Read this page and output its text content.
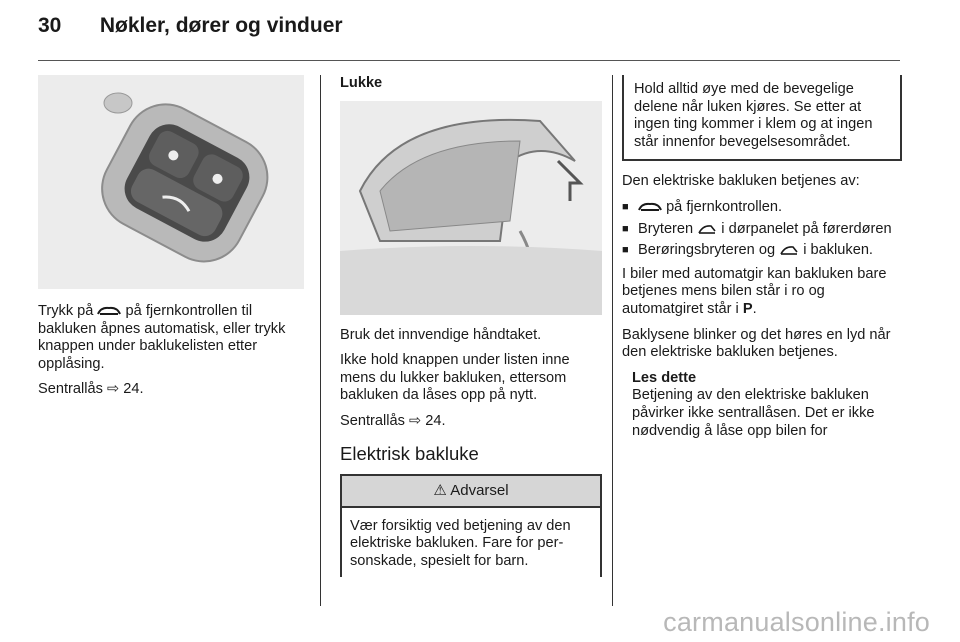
30 Nøkler, dører og vinduer

Trykk på på fjernkontrollen til bakluken åpnes automatisk, eller trykk knappen under baklukelisten etter opplåsing.

Sentrallås ⇨ 24.

Lukke

Bruk det innvendige håndtaket.

Ikke hold knappen under listen inne mens du lukker bakluken, ettersom bakluken da låses opp på nytt.

Sentrallås ⇨ 24.

Elektrisk bakluke
⚠ Advarsel
Vær forsiktig ved betjening av den elektriske bakluken. Fare for personskade, spesielt for barn.
Hold alltid øye med de bevegelige delene når luken kjøres. Se etter at ingen ting kommer i klem og at ingen står innenfor bevegelsesområdet.

Den elektriske bakluken betjenes av:

■ på fjernkontrollen.
■ Bryteren i dørpanelet på førerdøren
■ Berøringsbryteren og i bakluken.

I biler med automatgir kan bakluken bare betjenes mens bilen står i ro og automatgiret står i P.

Baklysene blinker og det høres en lyd når den elektriske bakluken betjenes.

Les dette
Betjening av den elektriske bakluken påvirker ikke sentrallåsen. Det er ikke nødvendig å låse opp bilen for
carmanualsonline.info
